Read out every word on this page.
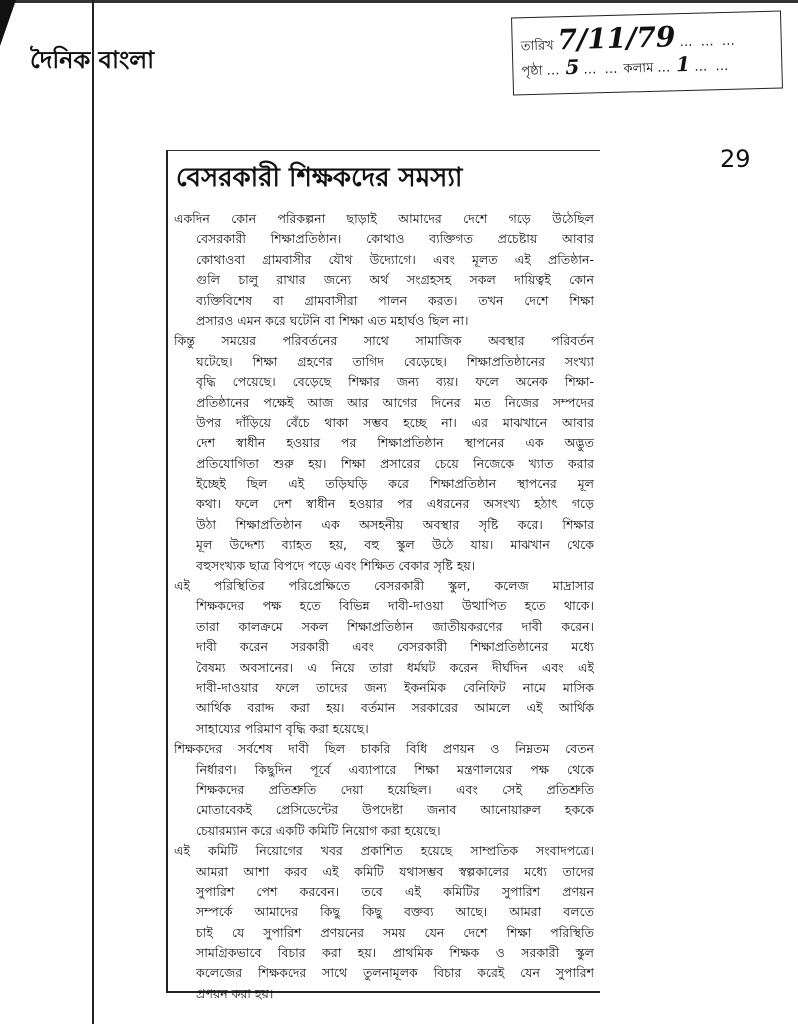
দৈনিক বাংলা	তারিখ 7/11/79 … … …
পৃষ্ঠা … 5 … … কলাম … 1 … …
29
বেসরকারী শিক্ষকদের সমস্যা
একদিন কোন পরিকল্পনা ছাড়াই আমাদের দেশে গড়ে উঠেছিল
বেসরকারী শিক্ষাপ্রতিষ্ঠান। কোথাও ব্যক্তিগত প্রচেষ্টায় আবার
কোথাওবা গ্রামবাসীর যৌথ উদ্যোগে। এবং মূলত এই প্রতিষ্ঠান-
গুলি চালু রাখার জন্যে অর্থ সংগ্রহসহ সকল দায়িত্বই কোন
ব্যক্তিবিশেষ বা গ্রামবাসীরা পালন করত। তখন দেশে শিক্ষা
প্রসারও এমন করে ঘটেনি বা শিক্ষা এত মহার্ঘও ছিল না।
কিন্তু সময়ের পরিবর্তনের সাথে সামাজিক অবস্থার পরিবর্তন
ঘটেছে। শিক্ষা গ্রহণের তাগিদ বেড়েছে। শিক্ষাপ্রতিষ্ঠানের সংখ্যা
বৃদ্ধি পেয়েছে। বেড়েছে শিক্ষার জন্য ব্যয়। ফলে অনেক শিক্ষা-
প্রতিষ্ঠানের পক্ষেই আজ আর আগের দিনের মত নিজের সম্পদের
উপর দাঁড়িয়ে বেঁচে থাকা সম্ভব হচ্ছে না। এর মাঝখানে আবার
দেশ স্বাধীন হওয়ার পর শিক্ষাপ্রতিষ্ঠান স্থাপনের এক অদ্ভুত
প্রতিযোগিতা শুরু হয়। শিক্ষা প্রসারের চেয়ে নিজেকে খ্যাত করার
ইচ্ছেই ছিল এই তড়িঘড়ি করে শিক্ষাপ্রতিষ্ঠান স্থাপনের মূল
কথা। ফলে দেশ স্বাধীন হওয়ার পর এধরনের অসংখ্য হঠাৎ গড়ে
উঠা শিক্ষাপ্রতিষ্ঠান এক অসহনীয় অবস্থার সৃষ্টি করে। শিক্ষার
মূল উদ্দেশ্য ব্যাহত হয়, বহু স্কুল উঠে যায়। মাঝখান থেকে
বহুসংখ্যক ছাত্র বিপদে পড়ে এবং শিক্ষিত বেকার সৃষ্টি হয়।
এই পরিস্থিতির পরিপ্রেক্ষিতে বেসরকারী স্কুল, কলেজ মাদ্রাসার
শিক্ষকদের পক্ষ হতে বিভিন্ন দাবী-দাওয়া উত্থাপিত হতে থাকে।
তারা কালক্রমে সকল শিক্ষাপ্রতিষ্ঠান জাতীয়করণের দাবী করেন।
দাবী করেন সরকারী এবং বেসরকারী শিক্ষাপ্রতিষ্ঠানের মধ্যে
বৈষম্য অবসানের। এ নিয়ে তারা ধর্মঘট করেন দীর্ঘদিন এবং এই
দাবী-দাওয়ার ফলে তাদের জন্য ইকনমিক বেনিফিট নামে মাসিক
আর্থিক বরাদ্দ করা হয়। বর্তমান সরকারের আমলে এই আর্থিক
সাহায্যের পরিমাণ বৃদ্ধি করা হয়েছে।
শিক্ষকদের সর্বশেষ দাবী ছিল চাকরি বিধি প্রণয়ন ও নিম্নতম বেতন
নির্ধারণ। কিছুদিন পূর্বে এব্যাপারে শিক্ষা মন্ত্রণালয়ের পক্ষ থেকে
শিক্ষকদের প্রতিশ্রুতি দেয়া হয়েছিল। এবং সেই প্রতিশ্রুতি
মোতাবেকই প্রেসিডেন্টের উপদেষ্টা জনাব আনোয়ারুল হককে
চেয়ারম্যান করে একটি কমিটি নিয়োগ করা হয়েছে।
এই কমিটি নিয়োগের খবর প্রকাশিত হয়েছে সাম্প্রতিক সংবাদপত্রে।
আমরা আশা করব এই কমিটি যথাসম্ভব স্বল্পকালের মধ্যে তাদের
সুপারিশ পেশ করবেন। তবে এই কমিটির সুপারিশ প্রণয়ন
সম্পর্কে আমাদের কিছু কিছু বক্তব্য আছে। আমরা বলতে
চাই যে সুপারিশ প্রণয়নের সময় যেন দেশে শিক্ষা পরিস্থিতি
সামগ্রিকভাবে বিচার করা হয়। প্রাথমিক শিক্ষক ও সরকারী স্কুল
কলেজের শিক্ষকদের সাথে তুলনামূলক বিচার করেই যেন সুপারিশ
প্রণয়ন করা হয়।
